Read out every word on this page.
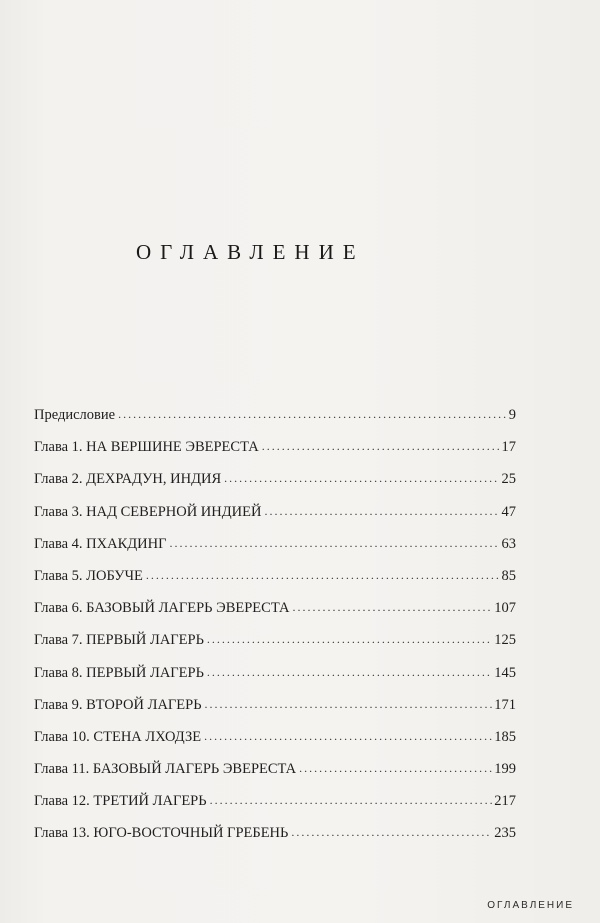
ОГЛАВЛЕНИЕ
Предисловие . . .	9
Глава 1. НА ВЕРШИНЕ ЭВЕРЕСТА . . .	17
Глава 2. ДЕХРАДУН, ИНДИЯ . . .	25
Глава 3. НАД СЕВЕРНОЙ ИНДИЕЙ . . .	47
Глава 4. ПХАКДИНГ . . .	63
Глава 5. ЛОБУЧЕ . . .	85
Глава 6. БАЗОВЫЙ ЛАГЕРЬ ЭВЕРЕСТА . . .	107
Глава 7. ПЕРВЫЙ ЛАГЕРЬ . . .	125
Глава 8. ПЕРВЫЙ ЛАГЕРЬ . . .	145
Глава 9. ВТОРОЙ ЛАГЕРЬ . . .	171
Глава 10. СТЕНА ЛХОДЗЕ . . .	185
Глава 11. БАЗОВЫЙ ЛАГЕРЬ ЭВЕРЕСТА . . .	199
Глава 12. ТРЕТИЙ ЛАГЕРЬ . . .	217
Глава 13. ЮГО-ВОСТОЧНЫЙ ГРЕБЕНЬ . . .	235
ОГЛАВЛЕНИЕ
